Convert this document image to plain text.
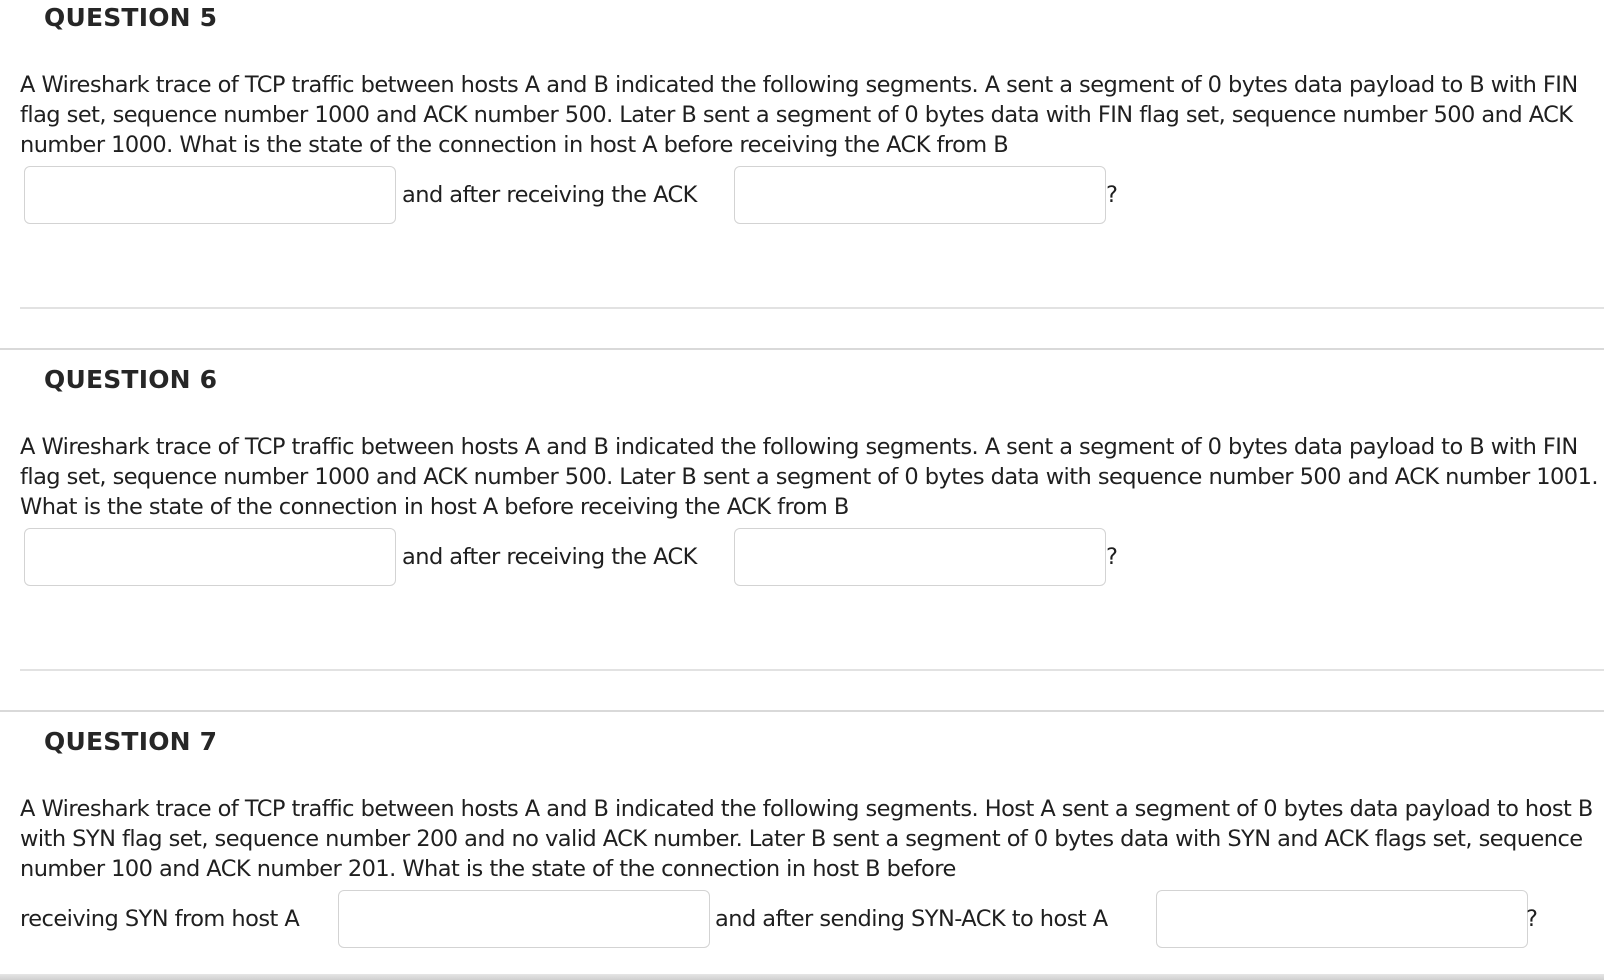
QUESTION 5

A Wireshark trace of TCP traffic between hosts A and B indicated the following segments. A sent a segment of 0 bytes data payload to B with FIN flag set, sequence number 1000 and ACK number 500. Later B sent a segment of 0 bytes data with FIN flag set, sequence number 500 and ACK number 1000. What is the state of the connection in host A before receiving the ACK from B

and after receiving the ACK	?
QUESTION 6

A Wireshark trace of TCP traffic between hosts A and B indicated the following segments. A sent a segment of 0 bytes data payload to B with FIN flag set, sequence number 1000 and ACK number 500. Later B sent a segment of 0 bytes data with sequence number 500 and ACK number 1001. What is the state of the connection in host A before receiving the ACK from B

and after receiving the ACK	?
QUESTION 7

A Wireshark trace of TCP traffic between hosts A and B indicated the following segments. Host A sent a segment of 0 bytes data payload to host B with SYN flag set, sequence number 200 and no valid ACK number. Later B sent a segment of 0 bytes data with SYN and ACK flags set, sequence number 100 and ACK number 201. What is the state of the connection in host B before

receiving SYN from host A	and after sending SYN-ACK to host A	?
